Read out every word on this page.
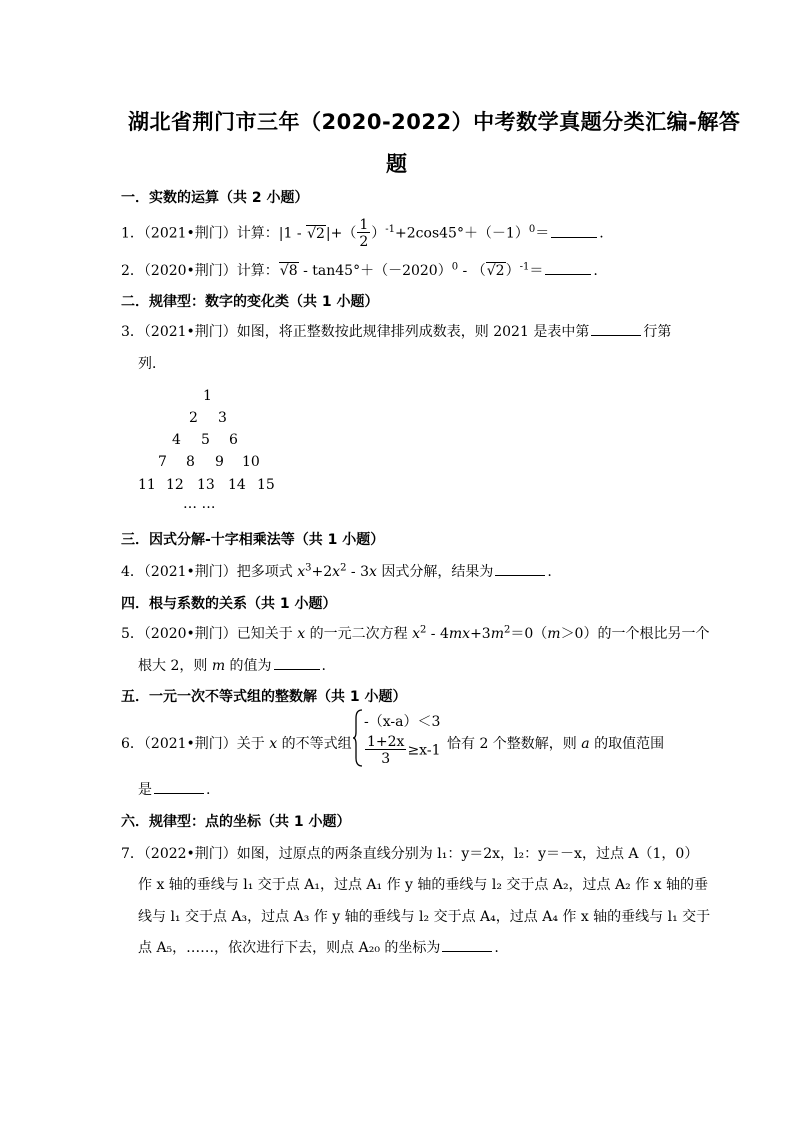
湖北省荆门市三年（2020-2022）中考数学真题分类汇编-解答
题
一．实数的运算（共 2 小题）
1．（2021•荆门）计算：$|1 - √2|+( \frac{1}{2} )^{-1}+2\cos 45^\circ+(-1)^0=$	.
2．（2020•荆门）计算：$√8 - \tan 45^\circ+(-2020)^0 - (√2)^{-1}=$	.
二．规律型：数字的变化类（共 1 小题）
3．（2021•荆门）如图，将正整数按此规律排列成数表，则 2021 是表中第	行第
列．
1
2 3
4 5 6
7 8 9 10
11 12 13 14 15
… …
三．因式分解-十字相乘法等（共 1 小题）
4．（2021•荆门）把多项式 $x^3+2x^2 - 3x$ 因式分解，结果为	.
四．根与系数的关系（共 1 小题）
5．（2020•荆门）已知关于 x 的一元二次方程 $x^2 - 4mx+3m^2=0(m>0)$的一个根比另一个
根大 2，则 m 的值为	.
五．一元一次不等式组的整数解（共 1 小题）
6．（2021•荆门）关于 x 的不等式组
-（x-a）＜3
$\frac{1+2x}{3} \ge x-1$ 恰有 2 个整数解，则 a 的取值范围
是	.
六．规律型：点的坐标（共 1 小题）
7．（2022•荆门）如图，过原点的两条直线分别为 l₁：y＝2x，l₂：y＝－x，过点 A（1，0）
作 x 轴的垂线与 l₁ 交于点 A₁，过点 A₁ 作 y 轴的垂线与 l₂ 交于点 A₂，过点 A₂ 作 x 轴的垂
线与 l₁ 交于点 A₃，过点 A₃ 作 y 轴的垂线与 l₂ 交于点 A₄，过点 A₄ 作 x 轴的垂线与 l₁ 交于
点 A₅，……，依次进行下去，则点 A₂₀ 的坐标为	.
